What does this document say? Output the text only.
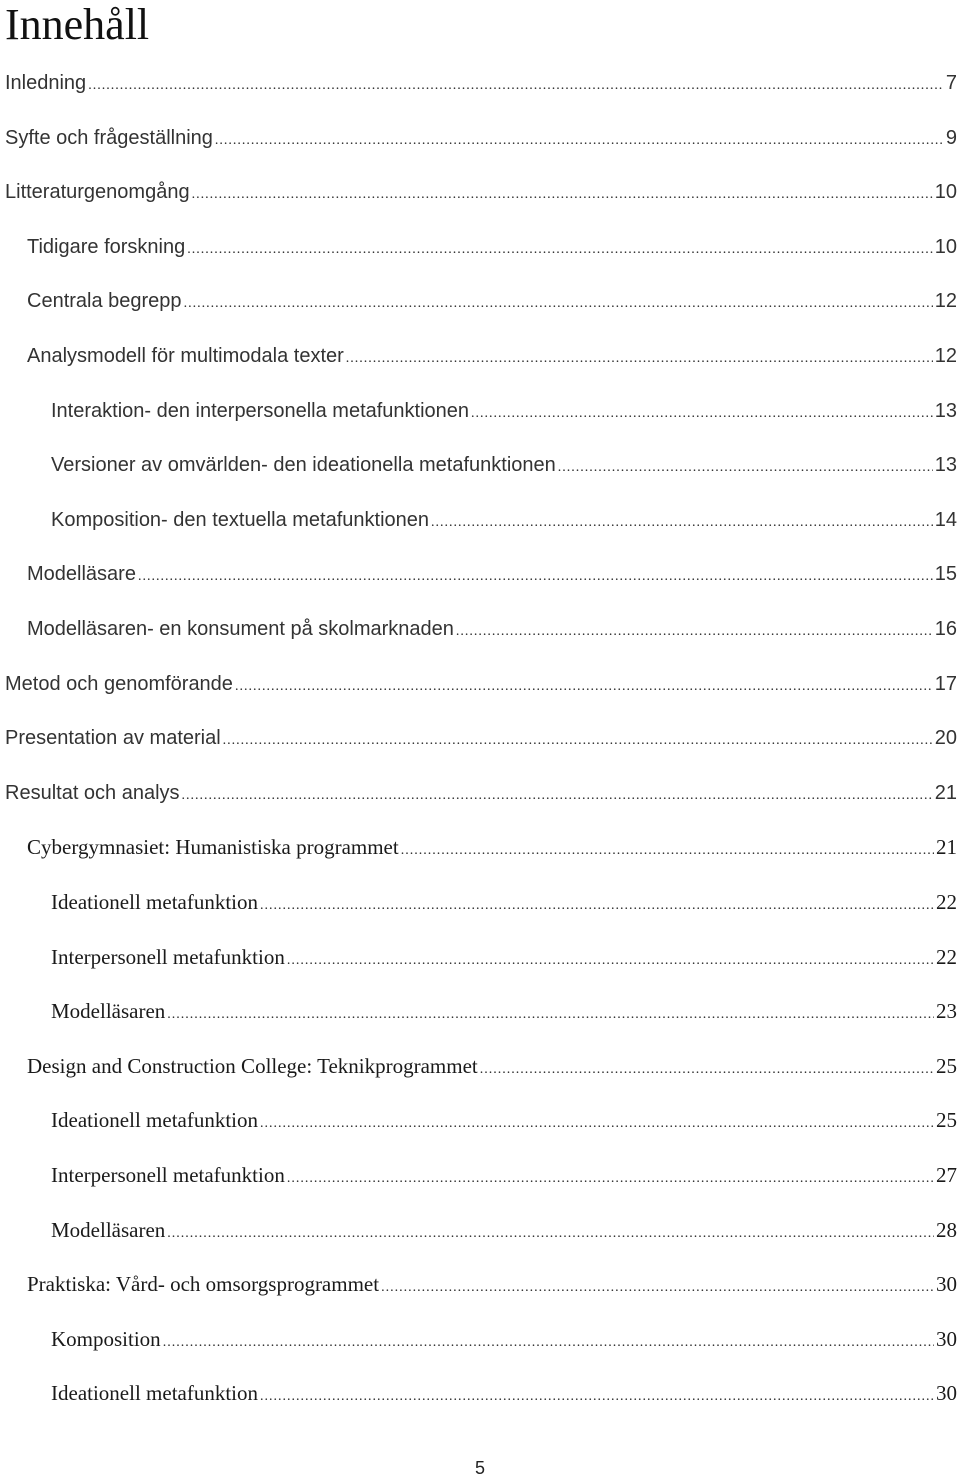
Innehåll
Inledning .....	7
Syfte och frågeställning .....	9
Litteraturgenomgång .....	10
Tidigare forskning .....	10
Centrala begrepp .....	12
Analysmodell för multimodala texter .....	12
Interaktion- den interpersonella metafunktionen .....	13
Versioner av omvärlden- den ideationella metafunktionen .....	13
Komposition- den textuella metafunktionen .....	14
Modelläsare .....	15
Modelläsaren- en konsument på skolmarknaden .....	16
Metod och genomförande .....	17
Presentation av material .....	20
Resultat och analys .....	21
Cybergymnasiet: Humanistiska programmet .....	21
Ideationell metafunktion .....	22
Interpersonell metafunktion .....	22
Modelläsaren .....	23
Design and Construction College: Teknikprogrammet .....	25
Ideationell metafunktion .....	25
Interpersonell metafunktion .....	27
Modelläsaren .....	28
Praktiska: Vård- och omsorgsprogrammet .....	30
Komposition .....	30
Ideationell metafunktion .....	30
5
